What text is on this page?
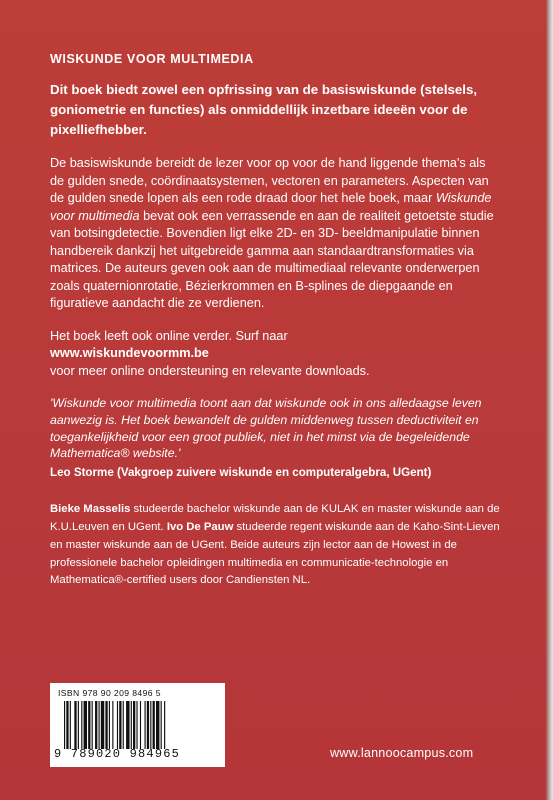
WISKUNDE VOOR MULTIMEDIA

Dit boek biedt zowel een opfrissing van de basiswiskunde (stelsels, goniometrie en functies) als onmiddellijk inzetbare ideeën voor de pixelliefhebber.

De basiswiskunde bereidt de lezer voor op voor de hand liggende thema's als de gulden snede, coördinaatsystemen, vectoren en parameters. Aspecten van de gulden snede lopen als een rode draad door het hele boek, maar Wiskunde voor multimedia bevat ook een verrassende en aan de realiteit getoetste studie van botsingdetectie. Bovendien ligt elke 2D- en 3D- beeldmanipulatie binnen handbereik dankzij het uitgebreide gamma aan standaardtransformaties via matrices. De auteurs geven ook aan de multimediaal relevante onderwerpen zoals quaternionrotatie, Bézierkrommen en B-splines de diepgaande en figuratieve aandacht die ze verdienen.

Het boek leeft ook online verder. Surf naar

www.wiskundevoormm.be

voor meer online ondersteuning en relevante downloads.

'Wiskunde voor multimedia toont aan dat wiskunde ook in ons alledaagse leven aanwezig is. Het boek bewandelt de gulden middenweg tussen deductiviteit en toegankelijkheid voor een groot publiek, niet in het minst via de begeleidende Mathematica® website.'

Leo Storme (Vakgroep zuivere wiskunde en computeralgebra, UGent)

Bieke Masselis studeerde bachelor wiskunde aan de KULAK en master wiskunde aan de K.U.Leuven en UGent. Ivo De Pauw studeerde regent wiskunde aan de Kaho-Sint-Lieven en master wiskunde aan de UGent. Beide auteurs zijn lector aan de Howest in de professionele bachelor opleidingen multimedia en communicatie-technologie en Mathematica®-certified users door Candiensten NL.

ISBN 978 90 209 8496 5
9 789020 984965	www.lannoocampus.com
